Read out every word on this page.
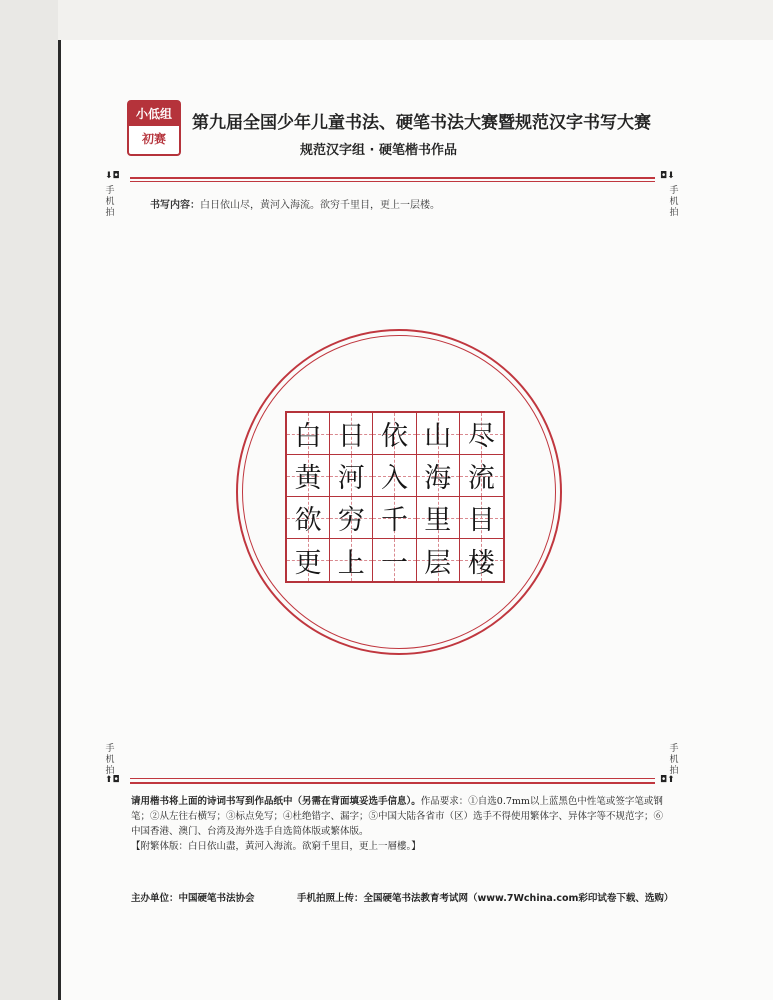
小低组
初赛
第九届全国少年儿童书法、硬笔书法大赛暨规范汉字书写大赛
规范汉字组 · 硬笔楷书作品
⬇◘	◘⬇
手机拍
手机拍
书写内容：白日依山尽，黄河入海流。欲穷千里目，更上一层楼。
白 日 依 山 尽
黄 河 入 海 流
欲 穷 千 里 目
更 上 一 层 楼
手机拍
手机拍
⬆◘	◘⬆
请用楷书将上面的诗词书写到作品纸中（另需在背面填妥选手信息）。作品要求：①自选0.7mm以上蓝黑色中性笔或签字笔或钢笔；②从左往右横写；③标点免写；④杜绝错字、漏字；⑤中国大陆各省市（区）选手不得使用繁体字、异体字等不规范字；⑥中国香港、澳门、台湾及海外选手自选简体版或繁体版。
【附繁体版：白日依山盡，黃河入海流。欲窮千里目，更上一層樓。】
主办单位：中国硬笔书法协会	手机拍照上传：全国硬笔书法教育考试网（www.7Wchina.com彩印试卷下载、选购）
